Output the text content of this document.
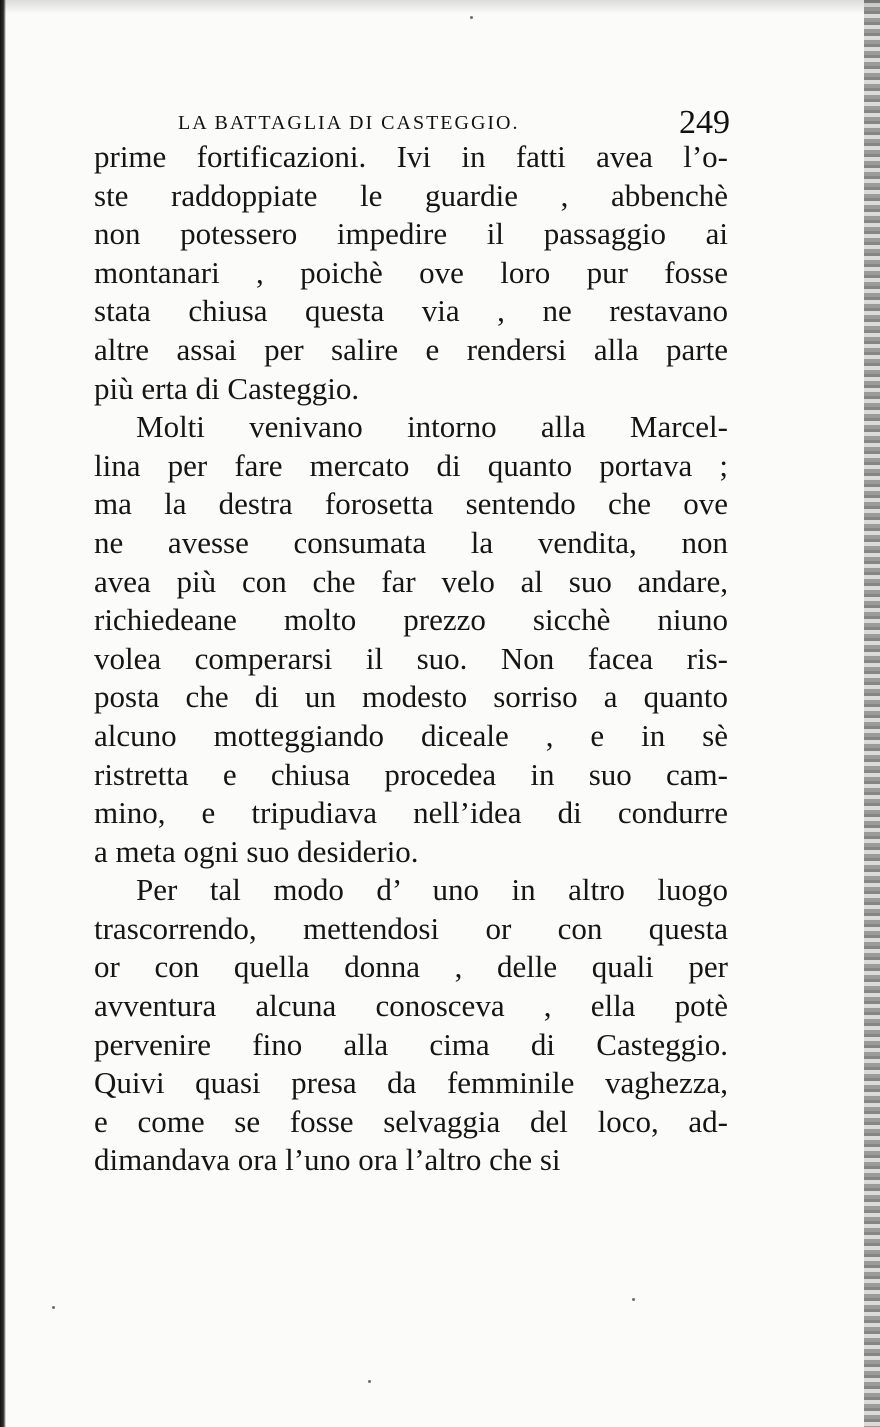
LA BATTAGLIA DI CASTEGGIO.	249

prime fortificazioni. Ivi in fatti avea l’o-

ste raddoppiate le guardie , abbenchè

non potessero impedire il passaggio ai

montanari , poichè ove loro pur fosse

stata chiusa questa via , ne restavano

altre assai per salire e rendersi alla parte

più erta di Casteggio.

Molti venivano intorno alla Marcel-

lina per fare mercato di quanto portava ;

ma la destra forosetta sentendo che ove

ne avesse consumata la vendita, non

avea più con che far velo al suo andare,

richiedeane molto prezzo sicchè niuno

volea comperarsi il suo. Non facea ris-

posta che di un modesto sorriso a quanto

alcuno motteggiando diceale , e in sè

ristretta e chiusa procedea in suo cam-

mino, e tripudiava nell’idea di condurre

a meta ogni suo desiderio.

Per tal modo d’ uno in altro luogo

trascorrendo, mettendosi or con questa

or con quella donna , delle quali per

avventura alcuna conosceva , ella potè

pervenire fino alla cima di Casteggio.

Quivi quasi presa da femminile vaghezza,

e come se fosse selvaggia del loco, ad-

dimandava ora l’uno ora l’altro che si
